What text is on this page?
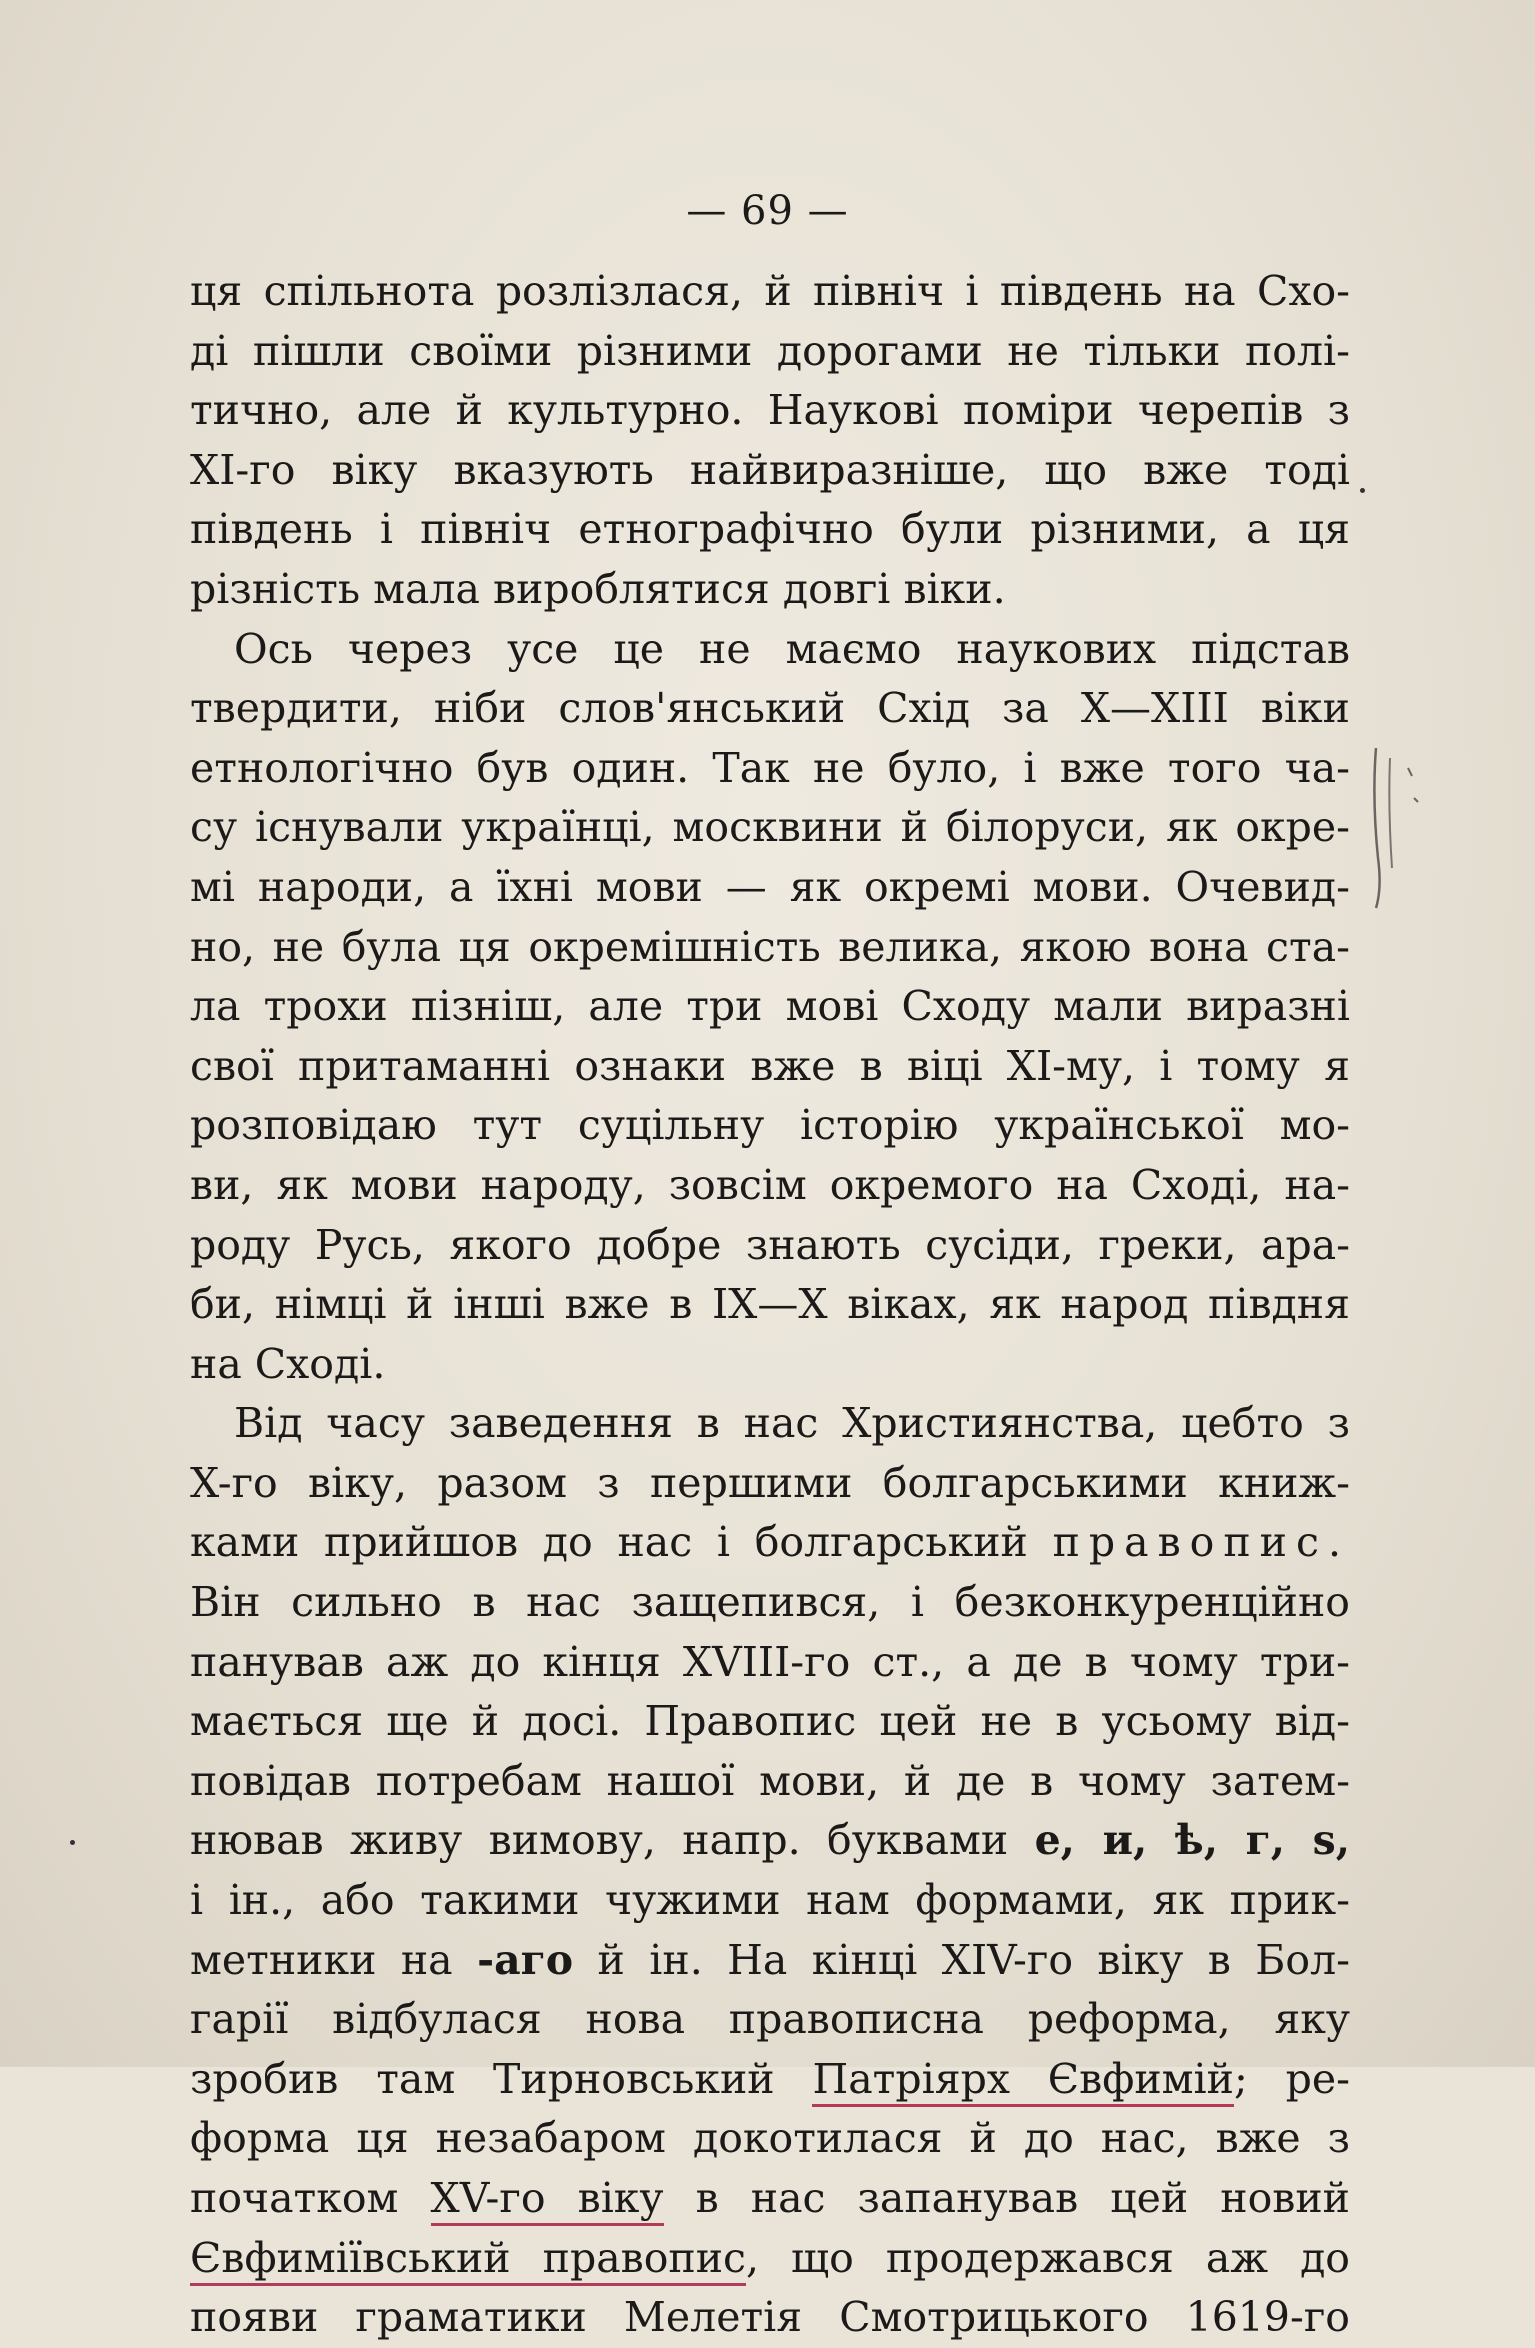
— 69 —
ця спільнота розлізлася, й північ і південь на Схо-
ді пішли своїми різними дорогами не тільки полі-
тично, але й культурно. Наукові поміри черепів з
XI-го віку вказують найвиразніше, що вже тоді
південь і північ етнографічно були різними, а ця
різність мала вироблятися довгі віки.
Ось через усе це не маємо наукових підстав
твердити, ніби слов'янський Схід за X—XIII віки
етнологічно був один. Так не було, і вже того ча-
су існували українці, москвини й білоруси, як окре-
мі народи, а їхні мови — як окремі мови. Очевид-
но, не була ця окремішність велика, якою вона ста-
ла трохи пізніш, але три мові Сходу мали виразні
свої притаманні ознаки вже в віці XI-му, і тому я
розповідаю тут суцільну історію української мо-
ви, як мови народу, зовсім окремого на Сході, на-
роду Русь, якого добре знають сусіди, греки, ара-
би, німці й інші вже в IX—X віках, як народ півдня
на Сході.
Від часу заведення в нас Християнства, цебто з
X-го віку, разом з першими болгарськими книж-
ками прийшов до нас і болгарський правопис.
Він сильно в нас защепився, і безконкуренційно
панував аж до кінця XVIII-го ст., а де в чому три-
мається ще й досі. Правопис цей не в усьому від-
повідав потребам нашої мови, й де в чому затем-
нював живу вимову, напр. буквами е, и, ѣ, г, ѕ,
і ін., або такими чужими нам формами, як прик-
метники на -аго й ін. На кінці XIV-го віку в Бол-
гарії відбулася нова правописна реформа, яку
зробив там Тирновський Патріярх Євфимій; ре-
форма ця незабаром докотилася й до нас, вже з
початком XV-го віку в нас запанував цей новий
Євфиміївський правопис, що продержався аж до
появи граматики Мелетія Смотрицького 1619-го
